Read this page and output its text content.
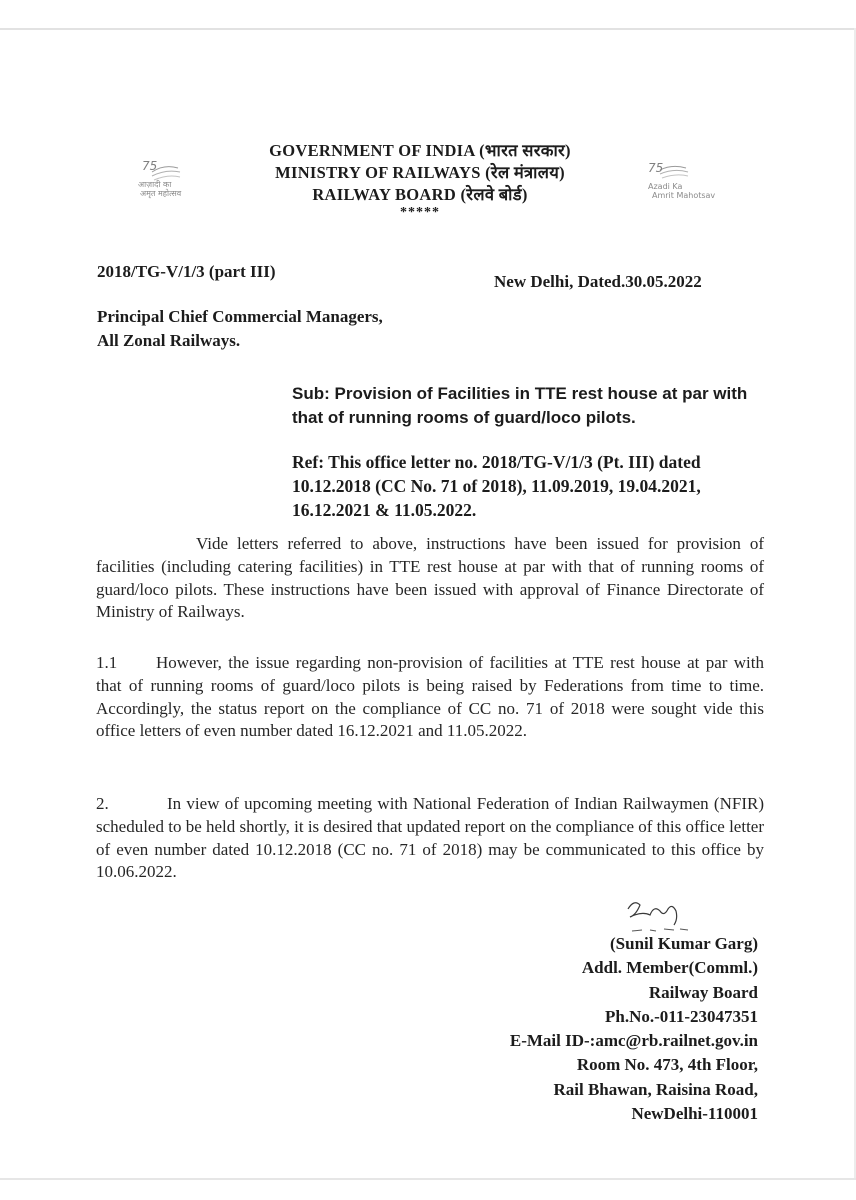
75
आज़ादी का
अमृत महोत्सव
GOVERNMENT OF INDIA (भारत सरकार)
MINISTRY OF RAILWAYS (रेल मंत्रालय)
RAILWAY BOARD (रेलवे बोर्ड)
*****
75
Azadi Ka
Amrit Mahotsav
2018/TG-V/1/3 (part III)
New Delhi, Dated.30.05.2022
Principal Chief Commercial Managers,
All Zonal Railways.
Sub: Provision of Facilities in TTE rest house at par with that of running rooms of guard/loco pilots.
Ref: This office letter no. 2018/TG-V/1/3 (Pt. III) dated 10.12.2018 (CC No. 71 of 2018), 11.09.2019, 19.04.2021, 16.12.2021 & 11.05.2022.
Vide letters referred to above, instructions have been issued for provision of facilities (including catering facilities) in TTE rest house at par with that of running rooms of guard/loco pilots. These instructions have been issued with approval of Finance Directorate of Ministry of Railways.
1.1 However, the issue regarding non-provision of facilities at TTE rest house at par with that of running rooms of guard/loco pilots is being raised by Federations from time to time. Accordingly, the status report on the compliance of CC no. 71 of 2018 were sought vide this office letters of even number dated 16.12.2021 and 11.05.2022.
2.	In view of upcoming meeting with National Federation of Indian Railwaymen (NFIR) scheduled to be held shortly, it is desired that updated report on the compliance of this office letter of even number dated 10.12.2018 (CC no. 71 of 2018) may be communicated to this office by 10.06.2022.
(Sunil Kumar Garg)
Addl. Member(Comml.)
Railway Board
Ph.No.-011-23047351
E-Mail ID-:amc@rb.railnet.gov.in
Room No. 473, 4th Floor,
Rail Bhawan, Raisina Road,
NewDelhi-110001
